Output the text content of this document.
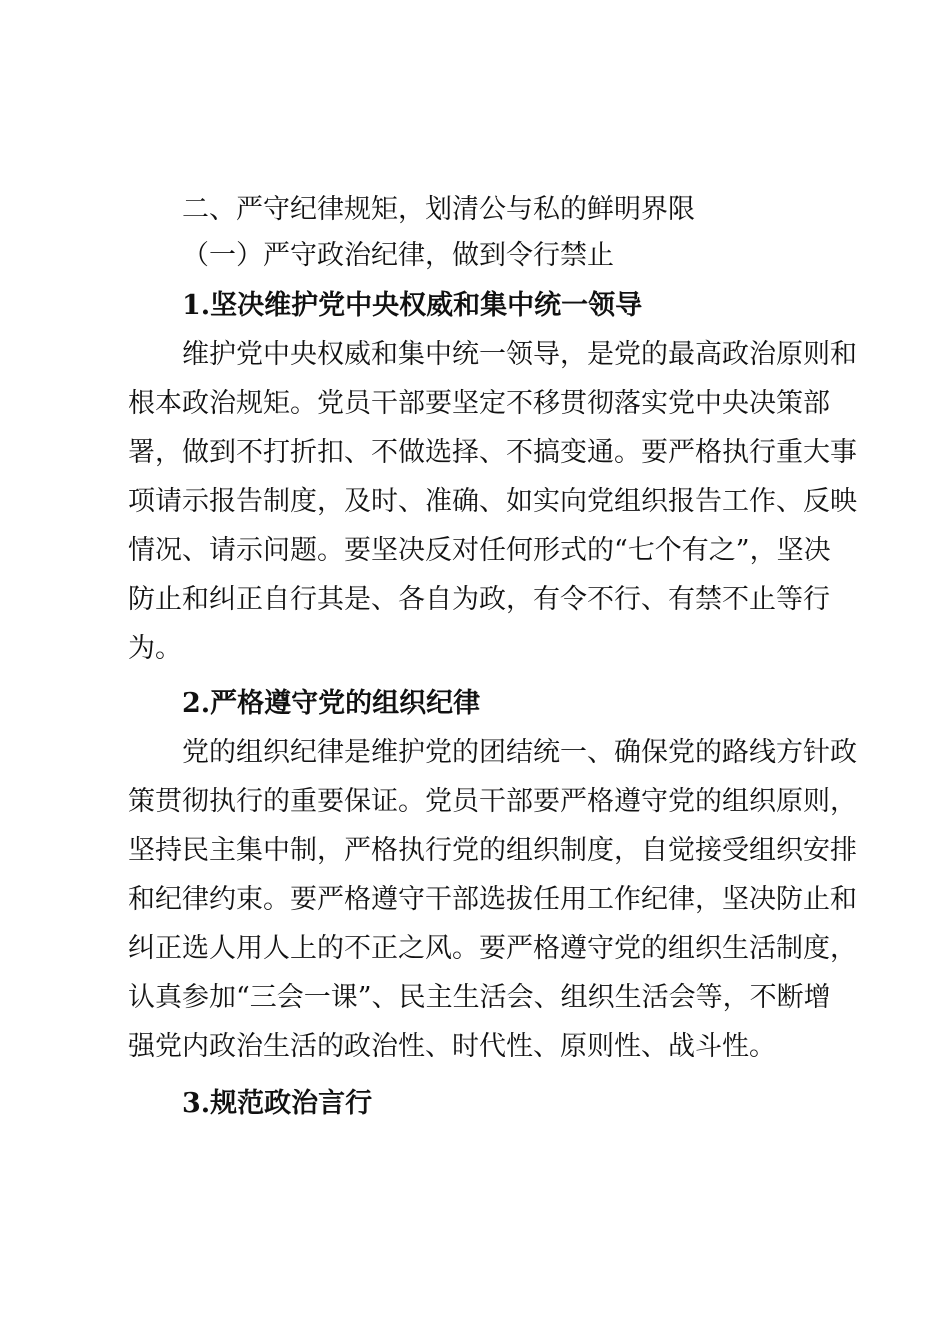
二、严守纪律规矩，划清公与私的鲜明界限
（一）严守政治纪律，做到令行禁止
1.坚决维护党中央权威和集中统一领导
维护党中央权威和集中统一领导，是党的最高政治原则和
根本政治规矩。党员干部要坚定不移贯彻落实党中央决策部
署，做到不打折扣、不做选择、不搞变通。要严格执行重大事
项请示报告制度，及时、准确、如实向党组织报告工作、反映
情况、请示问题。要坚决反对任何形式的“七个有之”，坚决
防止和纠正自行其是、各自为政，有令不行、有禁不止等行
为。
2.严格遵守党的组织纪律
党的组织纪律是维护党的团结统一、确保党的路线方针政
策贯彻执行的重要保证。党员干部要严格遵守党的组织原则，
坚持民主集中制，严格执行党的组织制度，自觉接受组织安排
和纪律约束。要严格遵守干部选拔任用工作纪律，坚决防止和
纠正选人用人上的不正之风。要严格遵守党的组织生活制度，
认真参加“三会一课”、民主生活会、组织生活会等，不断增
强党内政治生活的政治性、时代性、原则性、战斗性。
3.规范政治言行
